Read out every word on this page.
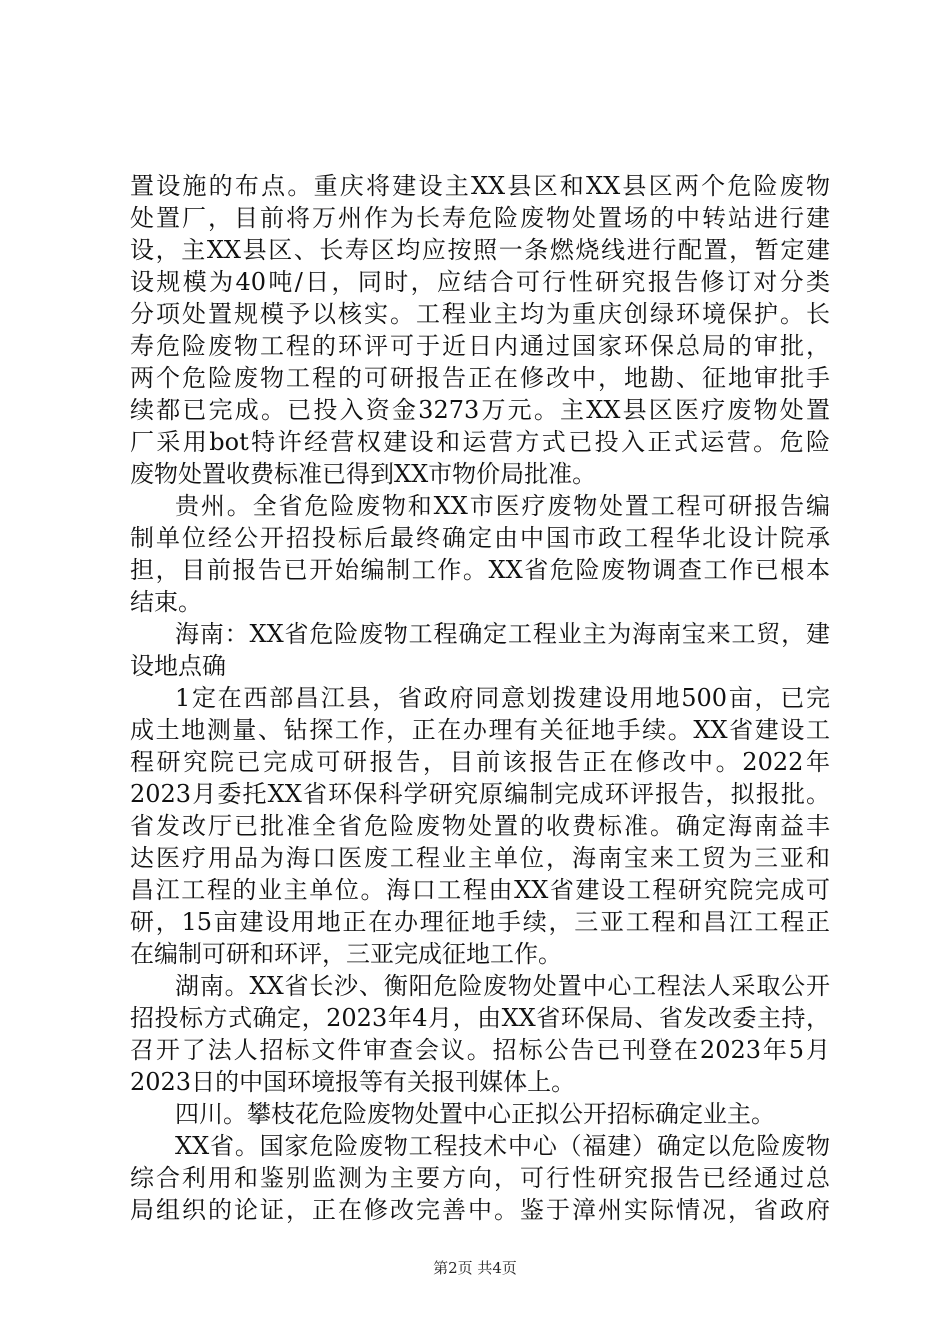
置设施的布点。重庆将建设主XX县区和XX县区两个危险废物
处置厂，目前将万州作为长寿危险废物处置场的中转站进行建
设，主XX县区、长寿区均应按照一条燃烧线进行配置，暂定建
设规模为40吨/日，同时，应结合可行性研究报告修订对分类
分项处置规模予以核实。工程业主均为重庆创绿环境保护。长
寿危险废物工程的环评可于近日内通过国家环保总局的审批，
两个危险废物工程的可研报告正在修改中，地勘、征地审批手
续都已完成。已投入资金3273万元。主XX县区医疗废物处置
厂采用bot特许经营权建设和运营方式已投入正式运营。危险
废物处置收费标准已得到XX市物价局批准。
贵州。全省危险废物和XX市医疗废物处置工程可研报告编
制单位经公开招投标后最终确定由中国市政工程华北设计院承
担，目前报告已开始编制工作。XX省危险废物调查工作已根本
结束。
海南：XX省危险废物工程确定工程业主为海南宝来工贸，建
设地点确
1定在西部昌江县，省政府同意划拨建设用地500亩，已完
成土地测量、钻探工作，正在办理有关征地手续。XX省建设工
程研究院已完成可研报告，目前该报告正在修改中。2022年
2023月委托XX省环保科学研究原编制完成环评报告，拟报批。
省发改厅已批准全省危险废物处置的收费标准。确定海南益丰
达医疗用品为海口医废工程业主单位，海南宝来工贸为三亚和
昌江工程的业主单位。海口工程由XX省建设工程研究院完成可
研，15亩建设用地正在办理征地手续，三亚工程和昌江工程正
在编制可研和环评，三亚完成征地工作。
湖南。XX省长沙、衡阳危险废物处置中心工程法人采取公开
招投标方式确定，2023年4月，由XX省环保局、省发改委主持，
召开了法人招标文件审查会议。招标公告已刊登在2023年5月
2023日的中国环境报等有关报刊媒体上。
四川。攀枝花危险废物处置中心正拟公开招标确定业主。
XX省。国家危险废物工程技术中心（福建）确定以危险废物
综合利用和鉴别监测为主要方向，可行性研究报告已经通过总
局组织的论证，正在修改完善中。鉴于漳州实际情况，省政府
第2页 共4页
